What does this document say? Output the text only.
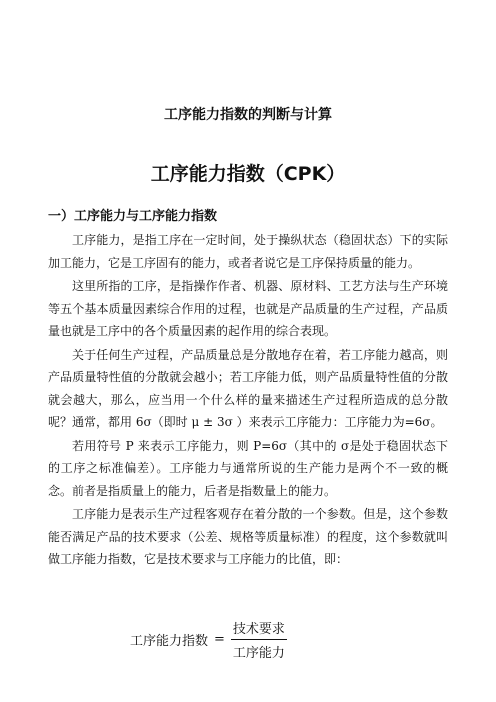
工序能力指数的判断与计算
工序能力指数（CPK）
一）工序能力与工序能力指数

工序能力，是指工序在一定时间，处于操纵状态（稳固状态）下的实际加工能力，它是工序固有的能力，或者者说它是工序保持质量的能力。

这里所指的工序，是指操作作者、机器、原材料、工艺方法与生产环境等五个基本质量因素综合作用的过程，也就是产品质量的生产过程，产品质量也就是工序中的各个质量因素的起作用的综合表现。

关于任何生产过程，产品质量总是分散地存在着，若工序能力越高，则产品质量特性值的分散就会越小；若工序能力低，则产品质量特性值的分散就会越大，那么，应当用一个什么样的量来描述生产过程所造成的总分散呢？通常，都用 6σ（即时 μ ± 3σ ）来表示工序能力：工序能力为=6σ。

若用符号 P 来表示工序能力，则 P=6σ（其中的 σ是处于稳固状态下的工序之标准偏差）。工序能力与通常所说的生产能力是两个不一致的概念。前者是指质量上的能力，后者是指数量上的能力。

工序能力是表示生产过程客观存在着分散的一个参数。但是，这个参数能否满足产品的技术要求（公差、规格等质量标准）的程度，这个参数就叫做工序能力指数，它是技术要求与工序能力的比值，即：

工序能力指数 = $\frac{\text{技术要求}}{\text{工序能力}}$
